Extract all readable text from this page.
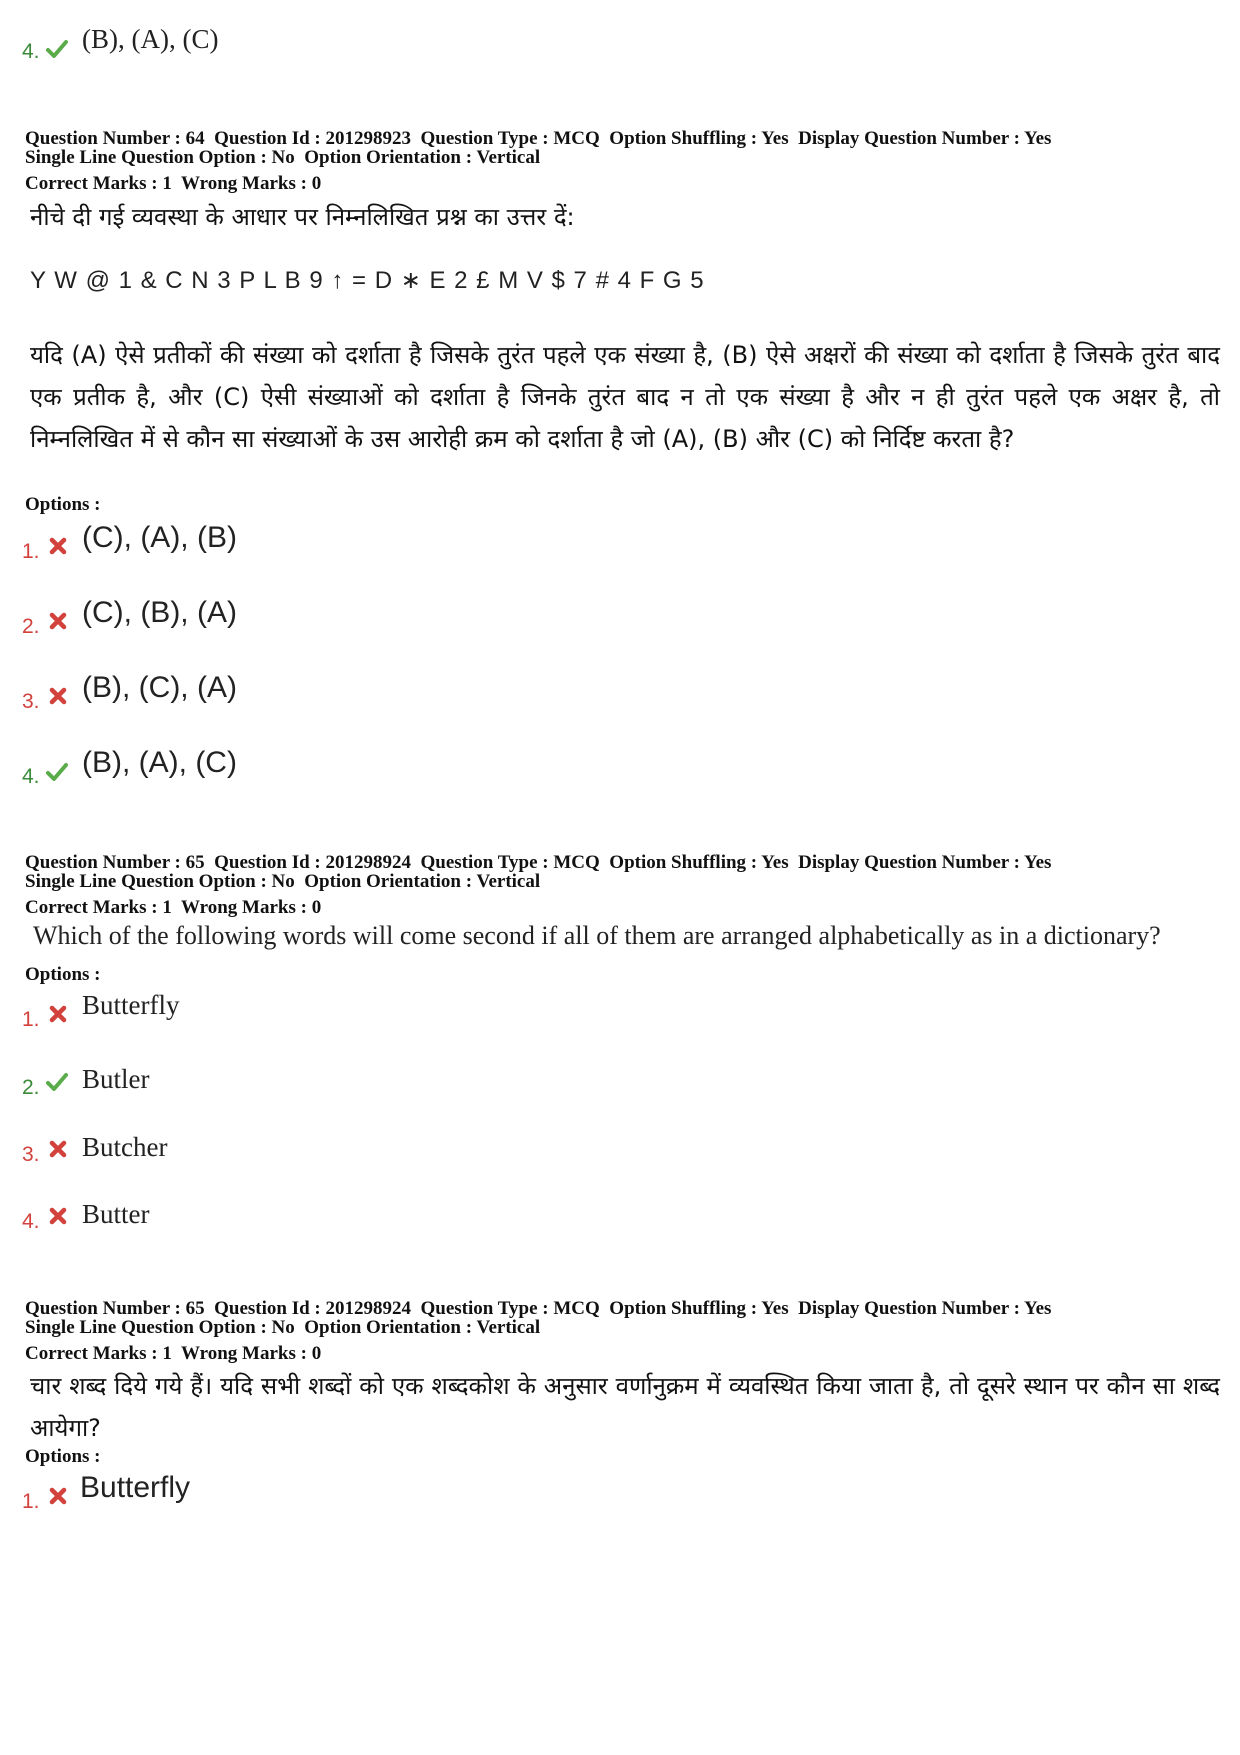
4. (B), (A), (C)
Question Number : 64  Question Id : 201298923  Question Type : MCQ  Option Shuffling : Yes  Display Question Number : Yes
Single Line Question Option : No  Option Orientation : Vertical
Correct Marks : 1  Wrong Marks : 0
नीचे दी गई व्यवस्था के आधार पर निम्नलिखित प्रश्न का उत्तर दें:
Y W @ 1 & C N 3 P L B 9 ↑ = D ∗ E 2 £ M V $ 7 # 4 F G 5
यदि (A) ऐसे प्रतीकों की संख्या को दर्शाता है जिसके तुरंत पहले एक संख्या है, (B) ऐसे अक्षरों की संख्या को दर्शाता है जिसके तुरंत बाद एक प्रतीक है, और (C) ऐसी संख्याओं को दर्शाता है जिनके तुरंत बाद न तो एक संख्या है और न ही तुरंत पहले एक अक्षर है, तो निम्नलिखित में से कौन सा संख्याओं के उस आरोही क्रम को दर्शाता है जो (A), (B) और (C) को निर्दिष्ट करता है?
Options :
1. (C), (A), (B)
2. (C), (B), (A)
3. (B), (C), (A)
4. (B), (A), (C)
Question Number : 65  Question Id : 201298924  Question Type : MCQ  Option Shuffling : Yes  Display Question Number : Yes
Single Line Question Option : No  Option Orientation : Vertical
Correct Marks : 1  Wrong Marks : 0
Which of the following words will come second if all of them are arranged alphabetically as in a dictionary?
Options :
1. Butterfly
2. Butler
3. Butcher
4. Butter
Question Number : 65  Question Id : 201298924  Question Type : MCQ  Option Shuffling : Yes  Display Question Number : Yes
Single Line Question Option : No  Option Orientation : Vertical
Correct Marks : 1  Wrong Marks : 0
चार शब्द दिये गये हैं। यदि सभी शब्दों को एक शब्दकोश के अनुसार वर्णानुक्रम में व्यवस्थित किया जाता है, तो दूसरे स्थान पर कौन सा शब्द आयेगा?
Options :
1. Butterfly
